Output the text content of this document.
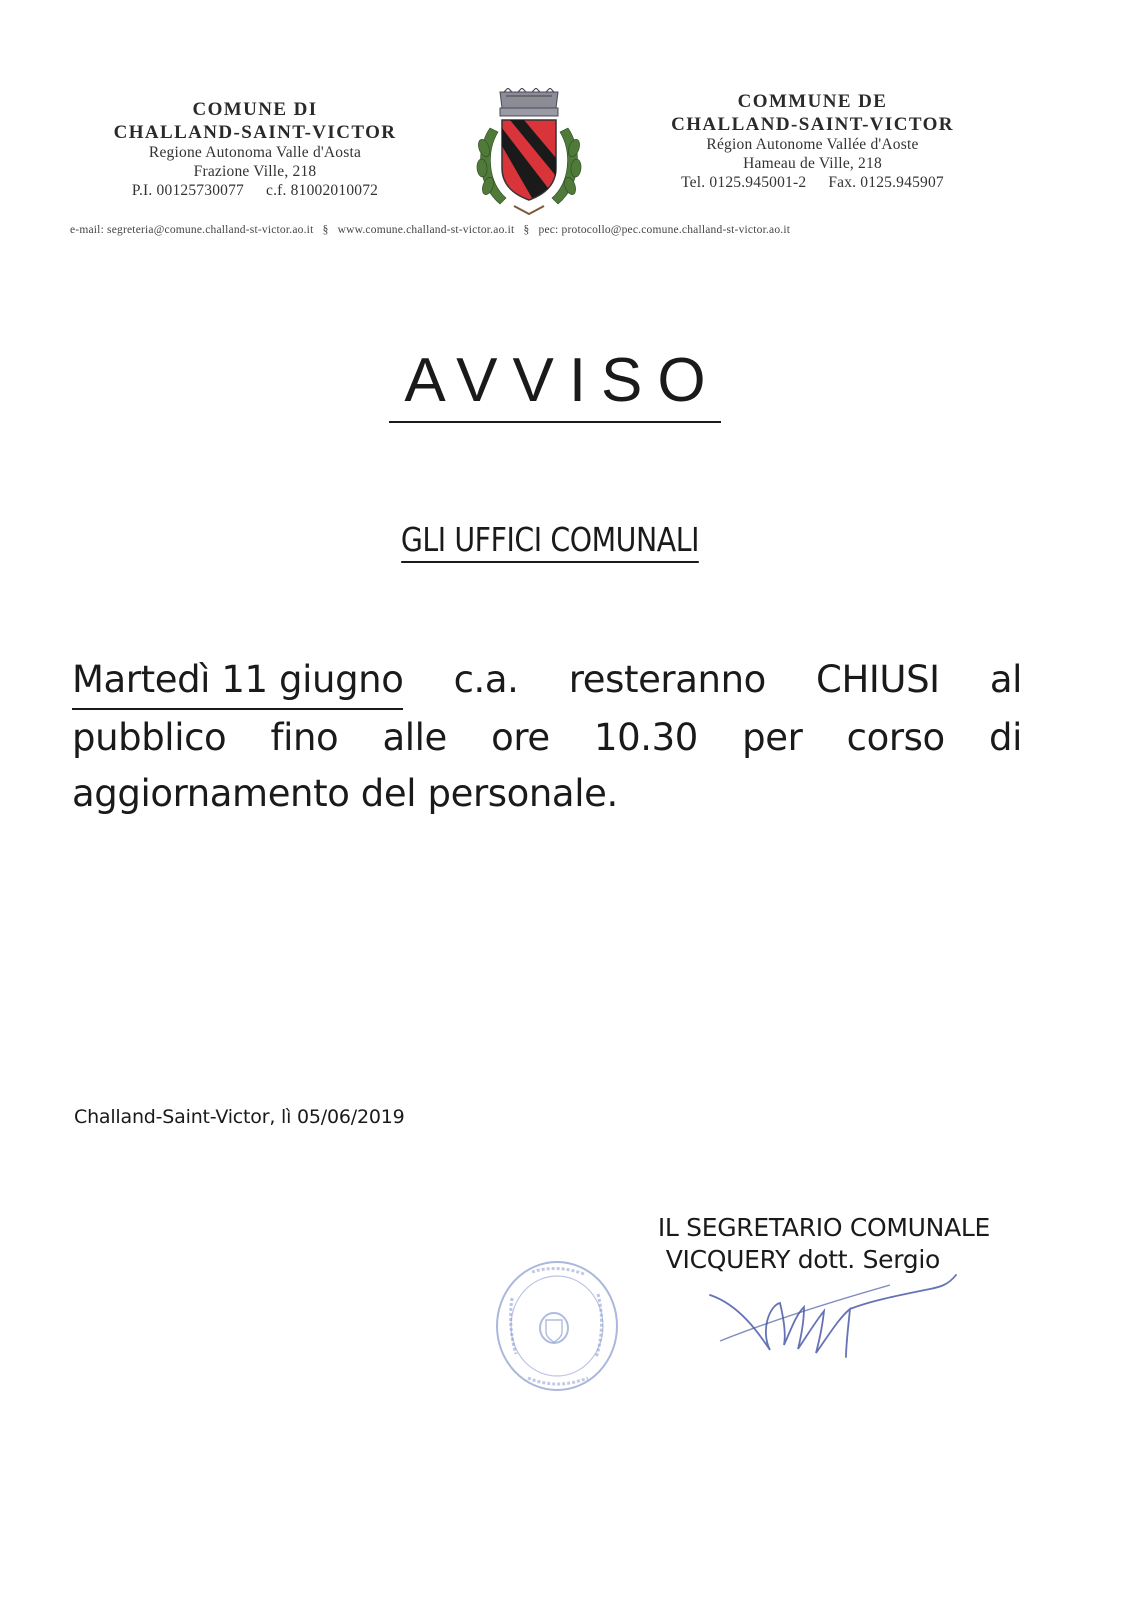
COMUNE DI
CHALLAND-SAINT-VICTOR
Regione Autonoma Valle d'Aosta
Frazione Ville, 218
P.I. 00125730077 c.f. 81002010072
COMMUNE DE
CHALLAND-SAINT-VICTOR
Région Autonome Vallée d'Aoste
Hameau de Ville, 218
Tel. 0125.945001-2 Fax. 0125.945907
e-mail: segreteria@comune.challand-st-victor.ao.it § www.comune.challand-st-victor.ao.it § pec: protocollo@pec.comune.challand-st-victor.ao.it
AVVISO
GLI UFFICI COMUNALI
Martedì 11 giugno c.a. resteranno CHIUSI al
pubblico fino alle ore 10.30 per corso di
aggiornamento del personale.
Challand-Saint-Victor, lì 05/06/2019
IL SEGRETARIO COMUNALE
VICQUERY dott. Sergio
